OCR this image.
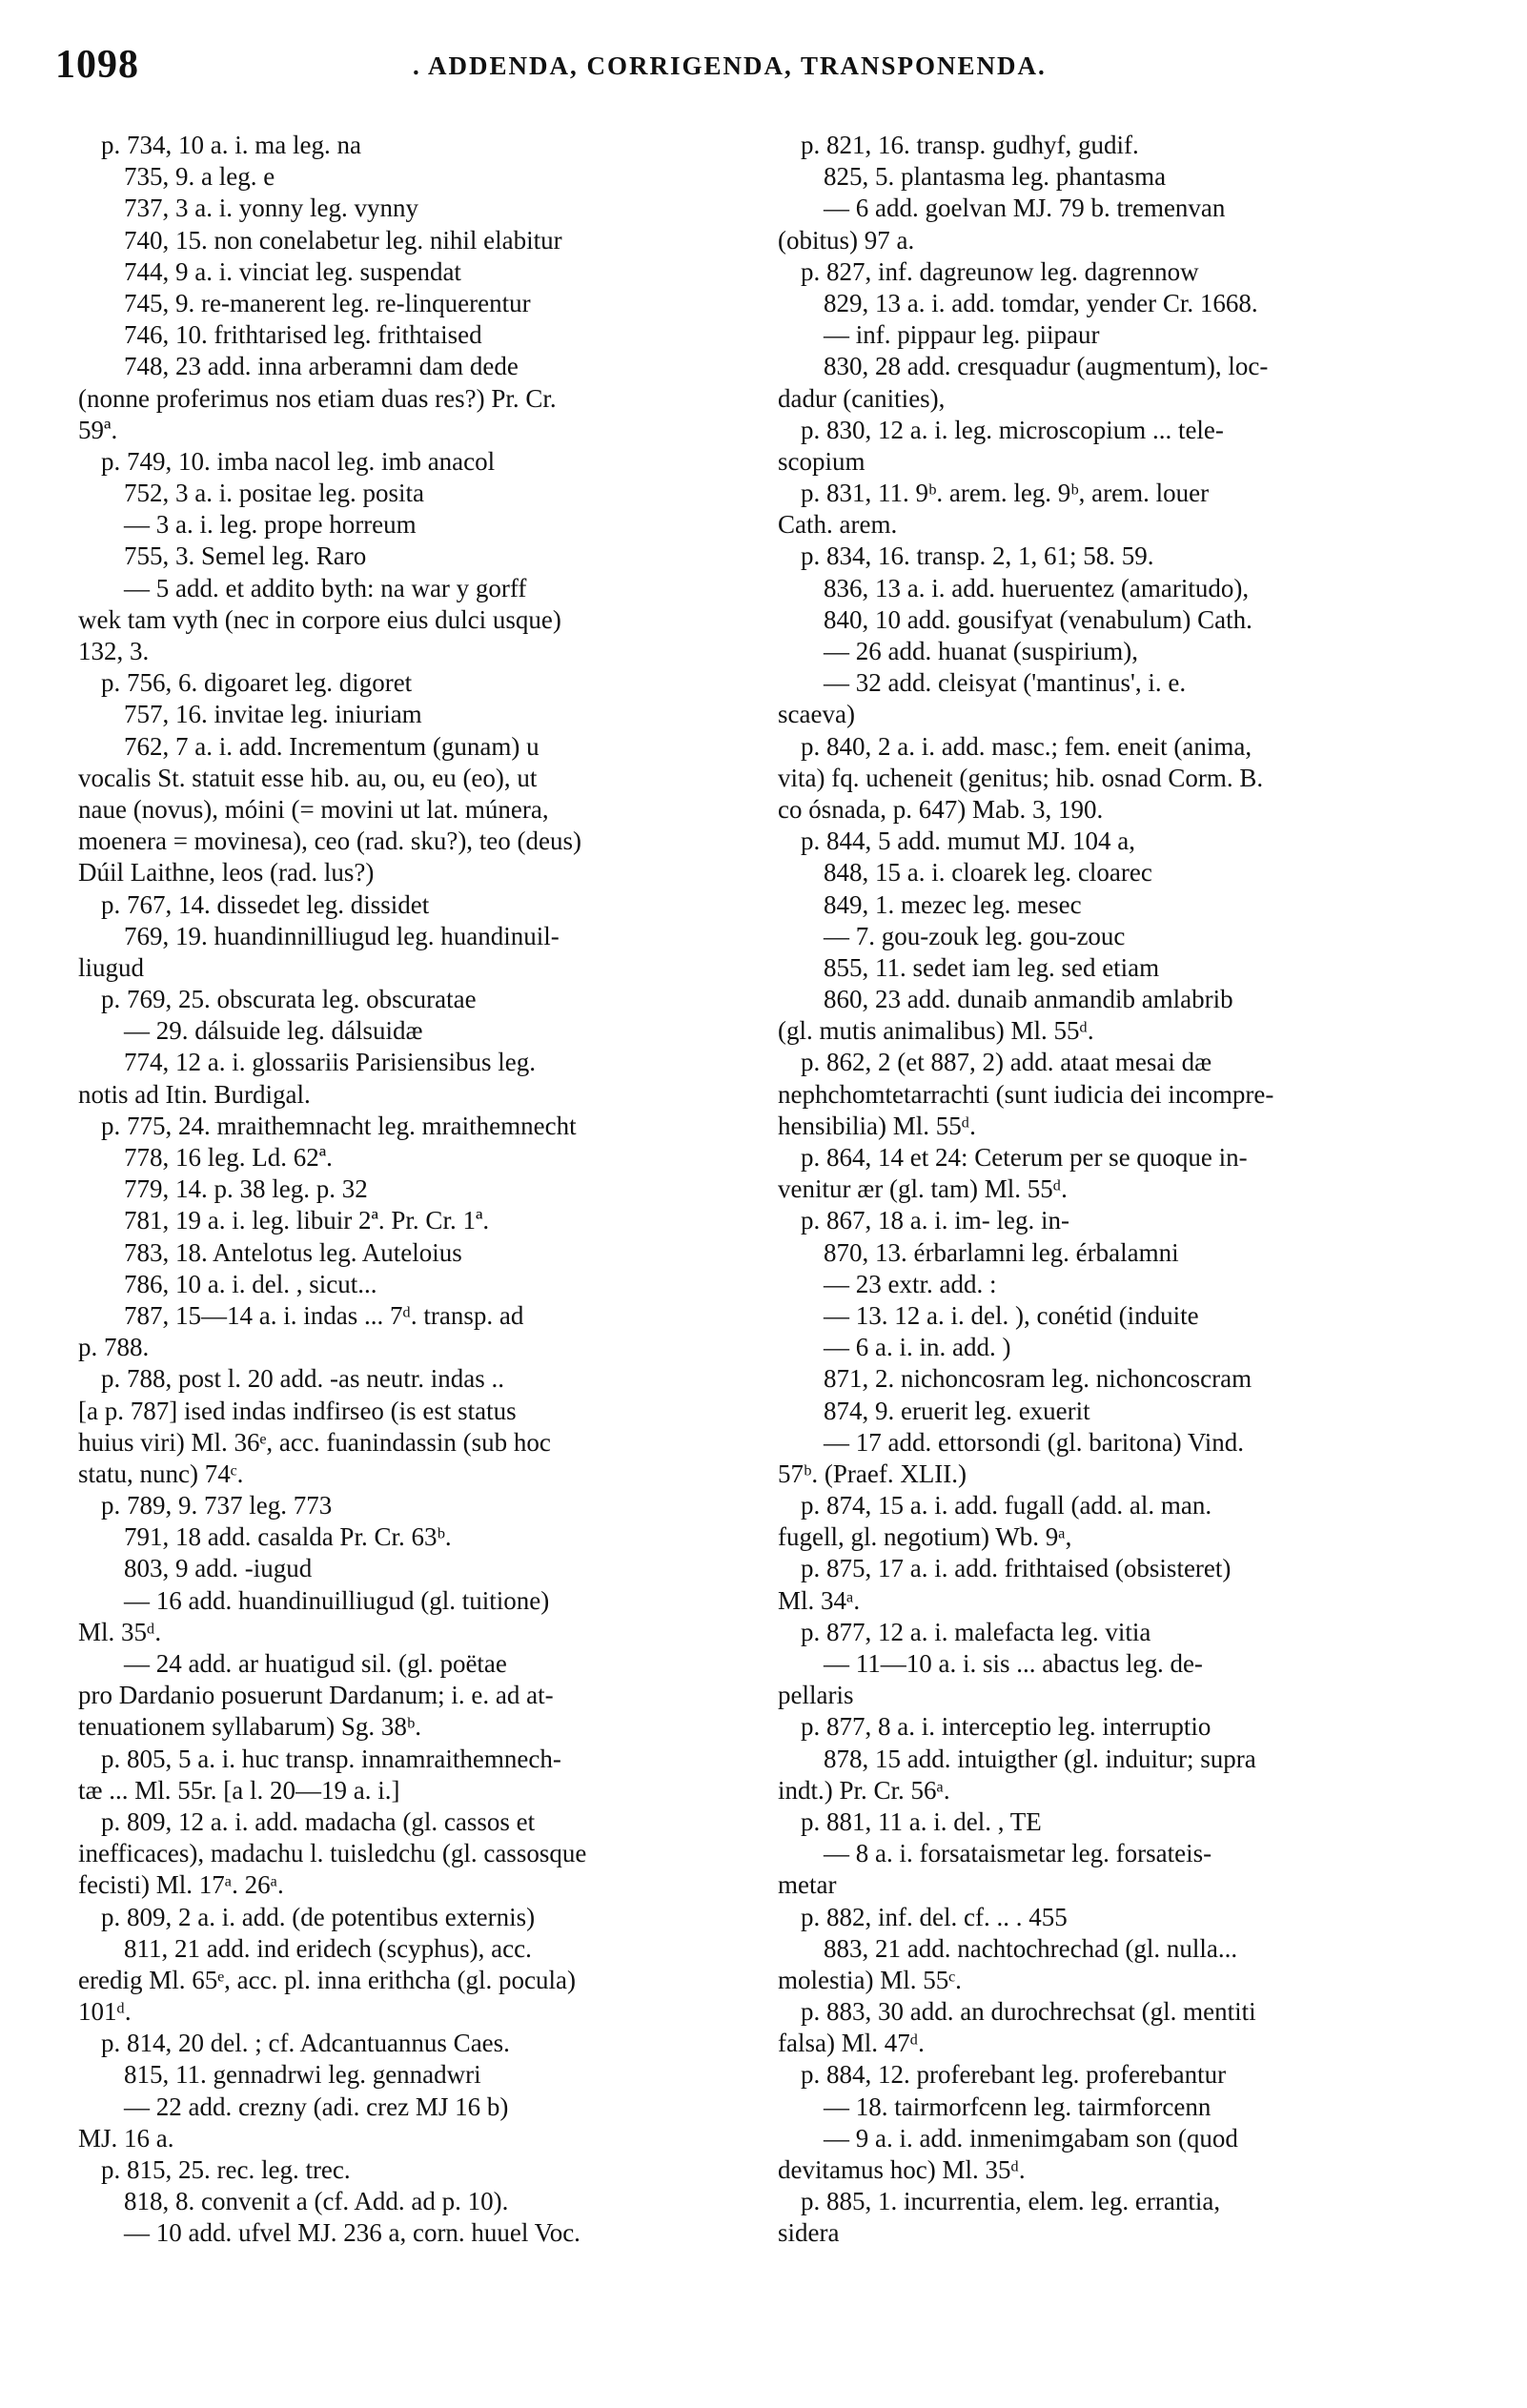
1098	. ADDENDA, CORRIGENDA, TRANSPONENDA.
p. 734, 10 a. i. ma leg. na
735, 9. a leg. e
737, 3 a. i. yonny leg. vynny
740, 15. non conelabetur leg. nihil elabitur
744, 9 a. i. vinciat leg. suspendat
745, 9. re-manerent leg. re-linquerentur
746, 10. frithtarised leg. frithtaised
748, 23 add. inna arberamni dam dede
(nonne proferimus nos etiam duas res?) Pr. Cr.
59ª.
p. 749, 10. imba nacol leg. imb anacol
752, 3 a. i. positae leg. posita
— 3 a. i. leg. prope horreum
755, 3. Semel leg. Raro
— 5 add. et addito byth: na war y gorff
wek tam vyth (nec in corpore eius dulci usque)
132, 3.
p. 756, 6. digoaret leg. digoret
757, 16. invitae leg. iniuriam
762, 7 a. i. add. Incrementum (gunam) u
vocalis St. statuit esse hib. au, ou, eu (eo), ut
naue (novus), móini (= movini ut lat. múnera,
moenera = movinesa), ceo (rad. sku?), teo (deus)
Dúil Laithne, leos (rad. lus?)
p. 767, 14. dissedet leg. dissidet
769, 19. huandinnilliugud leg. huandinuil-
liugud
p. 769, 25. obscurata leg. obscuratae
— 29. dálsuide leg. dálsuidæ
774, 12 a. i. glossariis Parisiensibus leg.
notis ad Itin. Burdigal.
p. 775, 24. mraithemnacht leg. mraithemnecht
778, 16 leg. Ld. 62ª.
779, 14. p. 38 leg. p. 32
781, 19 a. i. leg. libuir 2ª. Pr. Cr. 1ª.
783, 18. Antelotus leg. Auteloius
786, 10 a. i. del. , sicut...
787, 15—14 a. i. indas ... 7ᵈ. transp. ad
p. 788.
p. 788, post l. 20 add. -as neutr. indas ..
[a p. 787] ised indas indfirseo (is est status
huius viri) Ml. 36ᵉ, acc. fuanindassin (sub hoc
statu, nunc) 74ᶜ.
p. 789, 9. 737 leg. 773
791, 18 add. casalda Pr. Cr. 63ᵇ.
803, 9 add. -iugud
— 16 add. huandinuilliugud (gl. tuitione)
Ml. 35ᵈ.
— 24 add. ar huatigud sil. (gl. poëtae
pro Dardanio posuerunt Dardanum; i. e. ad at-
tenuationem syllabarum) Sg. 38ᵇ.
p. 805, 5 a. i. huc transp. innamraithemnech-
tæ ... Ml. 55r. [a l. 20—19 a. i.]
p. 809, 12 a. i. add. madacha (gl. cassos et
inefficaces), madachu l. tuisledchu (gl. cassosque
fecisti) Ml. 17ᵃ. 26ᵃ.
p. 809, 2 a. i. add. (de potentibus externis)
811, 21 add. ind eridech (scyphus), acc.
eredig Ml. 65ᵉ, acc. pl. inna erithcha (gl. pocula)
101ᵈ.
p. 814, 20 del. ; cf. Adcantuannus Caes.
815, 11. gennadrwi leg. gennadwri
— 22 add. crezny (adi. crez MJ 16 b)
MJ. 16 a.
p. 815, 25. rec. leg. trec.
818, 8. convenit a (cf. Add. ad p. 10).
— 10 add. ufvel MJ. 236 a, corn. huuel Voc.
p. 821, 16. transp. gudhyf, gudif.
825, 5. plantasma leg. phantasma
— 6 add. goelvan MJ. 79 b. tremenvan
(obitus) 97 a.
p. 827, inf. dagreunow leg. dagrennow
829, 13 a. i. add. tomdar, yender Cr. 1668.
— inf. pippaur leg. piipaur
830, 28 add. cresquadur (augmentum), loc-
dadur (canities),
p. 830, 12 a. i. leg. microscopium ... tele-
scopium
p. 831, 11. 9ᵇ. arem. leg. 9ᵇ, arem. louer
Cath. arem.
p. 834, 16. transp. 2, 1, 61; 58. 59.
836, 13 a. i. add. hueruentez (amaritudo),
840, 10 add. gousifyat (venabulum) Cath.
— 26 add. huanat (suspirium),
— 32 add. cleisyat ('mantinus', i. e.
scaeva)
p. 840, 2 a. i. add. masc.; fem. eneit (anima,
vita) fq. ucheneit (genitus; hib. osnad Corm. B.
co ósnada, p. 647) Mab. 3, 190.
p. 844, 5 add. mumut MJ. 104 a,
848, 15 a. i. cloarek leg. cloarec
849, 1. mezec leg. mesec
— 7. gou-zouk leg. gou-zouc
855, 11. sedet iam leg. sed etiam
860, 23 add. dunaib anmandib amlabrib
(gl. mutis animalibus) Ml. 55ᵈ.
p. 862, 2 (et 887, 2) add. ataat mesai dæ
nephchomtetarrachti (sunt iudicia dei incompre-
hensibilia) Ml. 55ᵈ.
p. 864, 14 et 24: Ceterum per se quoque in-
venitur ær (gl. tam) Ml. 55ᵈ.
p. 867, 18 a. i. im- leg. in-
870, 13. érbarlamni leg. érbalamni
— 23 extr. add. :
— 13. 12 a. i. del. ), conétid (induite
— 6 a. i. in. add. )
871, 2. nichoncosram leg. nichoncoscram
874, 9. eruerit leg. exuerit
— 17 add. ettorsondi (gl. baritona) Vind.
57ᵇ. (Praef. XLII.)
p. 874, 15 a. i. add. fugall (add. al. man.
fugell, gl. negotium) Wb. 9ᵃ,
p. 875, 17 a. i. add. frithtaised (obsisteret)
Ml. 34ᵃ.
p. 877, 12 a. i. malefacta leg. vitia
— 11—10 a. i. sis ... abactus leg. de-
pellaris
p. 877, 8 a. i. interceptio leg. interruptio
878, 15 add. intuigther (gl. induitur; supra
indt.) Pr. Cr. 56ᵃ.
p. 881, 11 a. i. del. , TE
— 8 a. i. forsataismetar leg. forsateis-
metar
p. 882, inf. del. cf. .. . 455
883, 21 add. nachtochrechad (gl. nulla...
molestia) Ml. 55ᶜ.
p. 883, 30 add. an durochrechsat (gl. mentiti
falsa) Ml. 47ᵈ.
p. 884, 12. proferebant leg. proferebantur
— 18. tairmorfcenn leg. tairmforcenn
— 9 a. i. add. inmenimgabam son (quod
devitamus hoc) Ml. 35ᵈ.
p. 885, 1. incurrentia, elem. leg. errantia,
sidera
